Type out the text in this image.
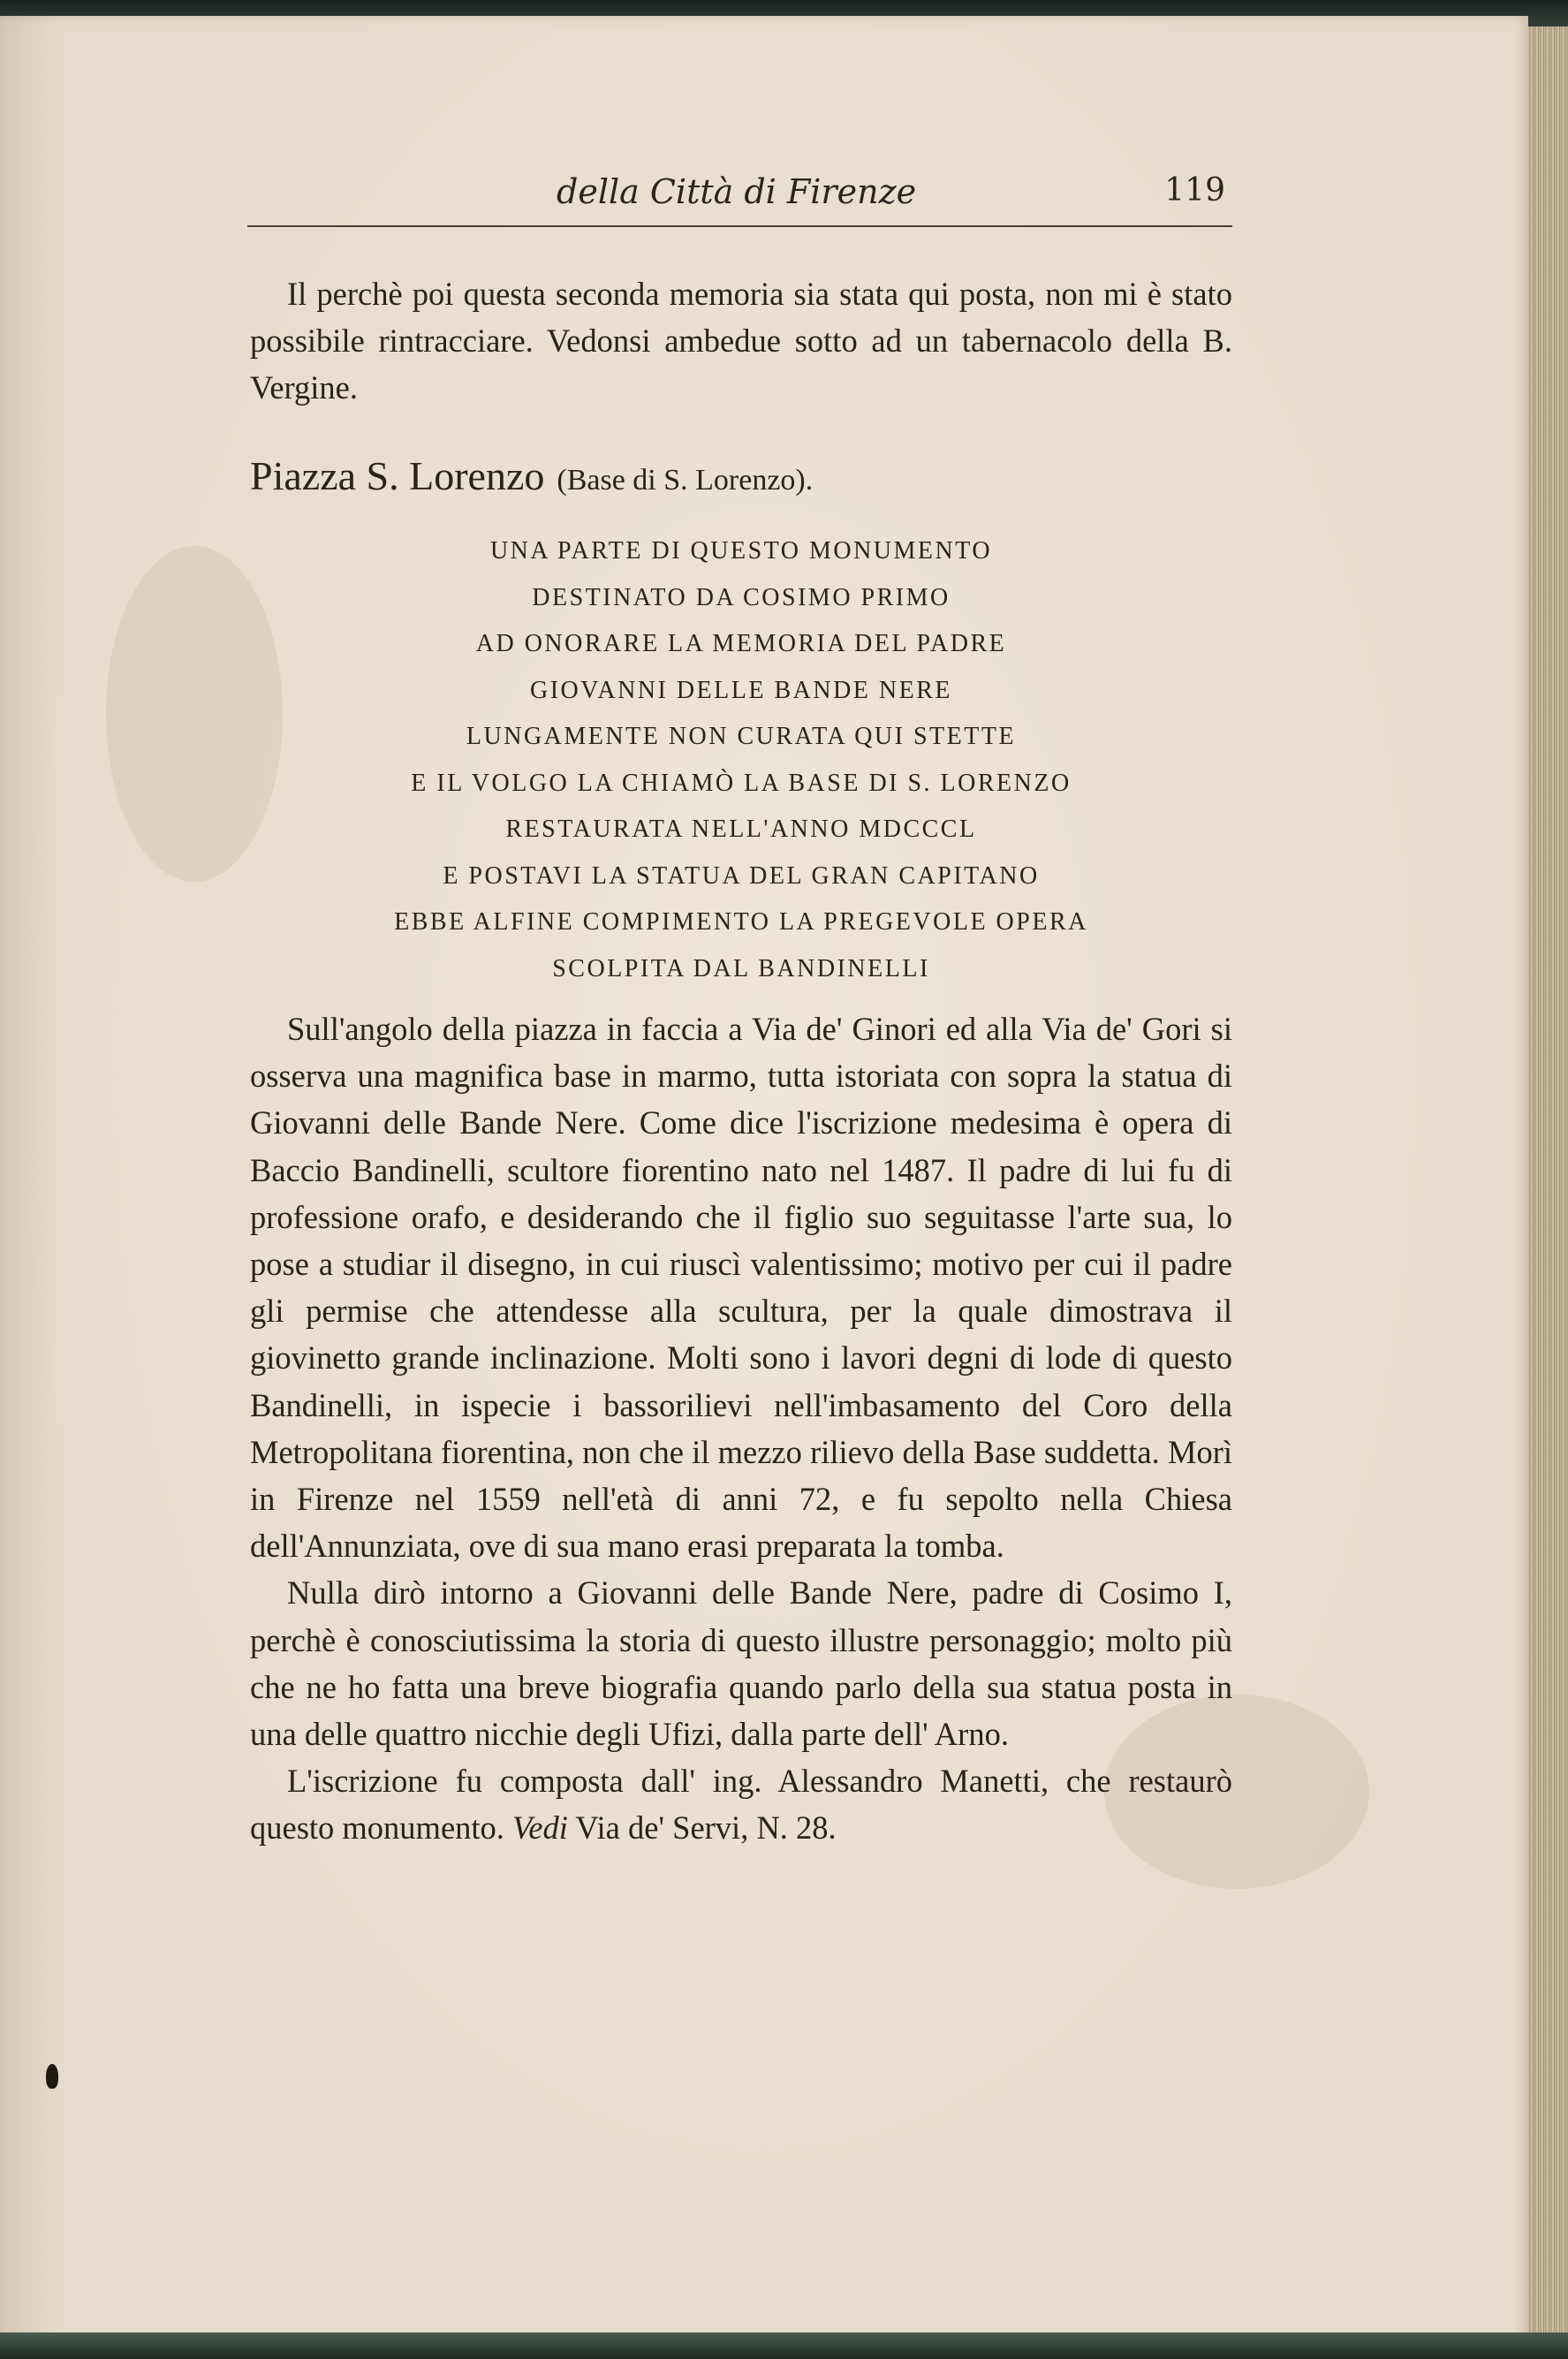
della Città di Firenze	119
Il perchè poi questa seconda memoria sia stata qui posta, non mi è stato possibile rintracciare. Vedonsi ambedue sotto ad un tabernacolo della B. Vergine.
Piazza S. Lorenzo (Base di S. Lorenzo).
UNA PARTE DI QUESTO MONUMENTO
DESTINATO DA COSIMO PRIMO
AD ONORARE LA MEMORIA DEL PADRE
GIOVANNI DELLE BANDE NERE
LUNGAMENTE NON CURATA QUI STETTE
E IL VOLGO LA CHIAMÒ LA BASE DI S. LORENZO
RESTAURATA NELL'ANNO MDCCCL
E POSTAVI LA STATUA DEL GRAN CAPITANO
EBBE ALFINE COMPIMENTO LA PREGEVOLE OPERA
SCOLPITA DAL BANDINELLI

Sull'angolo della piazza in faccia a Via de' Ginori ed alla Via de' Gori si osserva una magnifica base in marmo, tutta istoriata con sopra la statua di Giovanni delle Bande Nere. Come dice l'iscrizione medesima è opera di Baccio Bandinelli, scultore fiorentino nato nel 1487. Il padre di lui fu di professione orafo, e desiderando che il figlio suo seguitasse l'arte sua, lo pose a studiar il disegno, in cui riuscì valentissimo; motivo per cui il padre gli permise che attendesse alla scultura, per la quale dimostrava il giovinetto grande inclinazione. Molti sono i lavori degni di lode di questo Bandinelli, in ispecie i bassorilievi nell'imbasamento del Coro della Metropolitana fiorentina, non che il mezzo rilievo della Base suddetta. Morì in Firenze nel 1559 nell'età di anni 72, e fu sepolto nella Chiesa dell'Annunziata, ove di sua mano erasi preparata la tomba.

Nulla dirò intorno a Giovanni delle Bande Nere, padre di Cosimo I, perchè è conosciutissima la storia di questo illustre personaggio; molto più che ne ho fatta una breve biografia quando parlo della sua statua posta in una delle quattro nicchie degli Ufizi, dalla parte dell' Arno.

L'iscrizione fu composta dall' ing. Alessandro Manetti, che restaurò questo monumento. Vedi Via de' Servi, N. 28.
